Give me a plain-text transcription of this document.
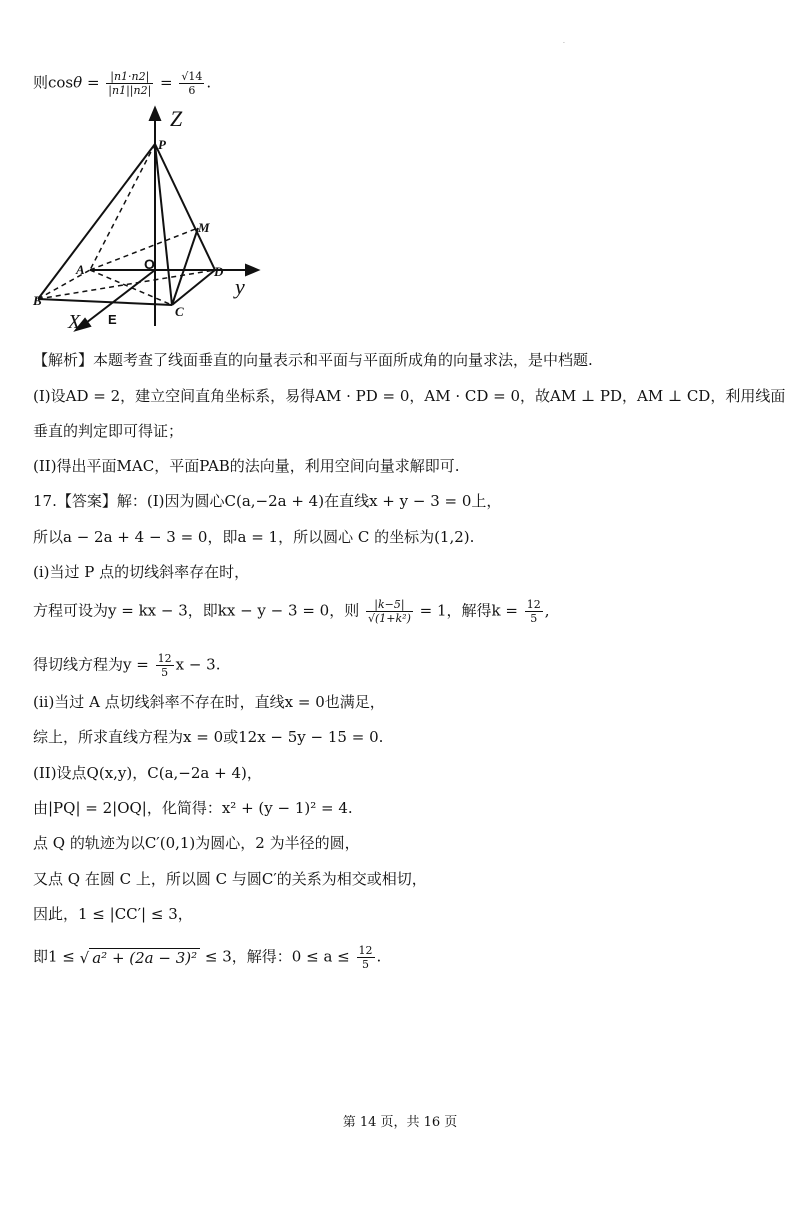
·
则$\cos\theta = \frac{|n1\cdot n2|}{|n1||n2|} = \frac{√14}{6}$ .
Z
y
X
P
M
A	D
B
C
O
E
【解析】本题考查了线面垂直的向量表示和平面与平面所成角的向量求法，是中档题.
(I)设AD = 2，建立空间直角坐标系，易得AM · PD = 0，AM · CD = 0，故AM ⊥ PD，AM ⊥ CD，利用线面
垂直的判定即可得证；
(II)得出平面MAC，平面PAB的法向量，利用空间向量求解即可.
17.【答案】解：(I)因为圆心C(a,−2a + 4)在直线x + y − 3 = 0上，
所以a − 2a + 4 − 3 = 0，即a = 1，所以圆心 C 的坐标为(1,2).
(i)当过 P 点的切线斜率存在时，
方程可设为y = kx − 3，即kx − y − 3 = 0，则 $\frac{|k-5|}{\text{√(1+k²)}} = 1$，解得$k = \frac{12}{5}$ ,
得切线方程为$y = \frac{12}{5}$ x − 3.
(ii)当过 A 点切线斜率不存在时，直线x = 0也满足，
综上，所求直线方程为x = 0或12x − 5y − 15 = 0.
(II)设点Q(x,y)，C(a,−2a + 4)，
由|PQ| = 2|OQ|，化简得：x² + (y − 1)² = 4.
点 Q 的轨迹为以C′(0,1)为圆心，2 为半径的圆，
又点 Q 在圆 C 上，所以圆 C 与圆C′的关系为相交或相切，
因此，1 ≤ |CC′| ≤ 3，
即1 ≤ √ a² + (2a − 3)² ≤ 3，解得：$0 \le a \le \frac{12}{5}$ .
第 14 页，共 16 页
